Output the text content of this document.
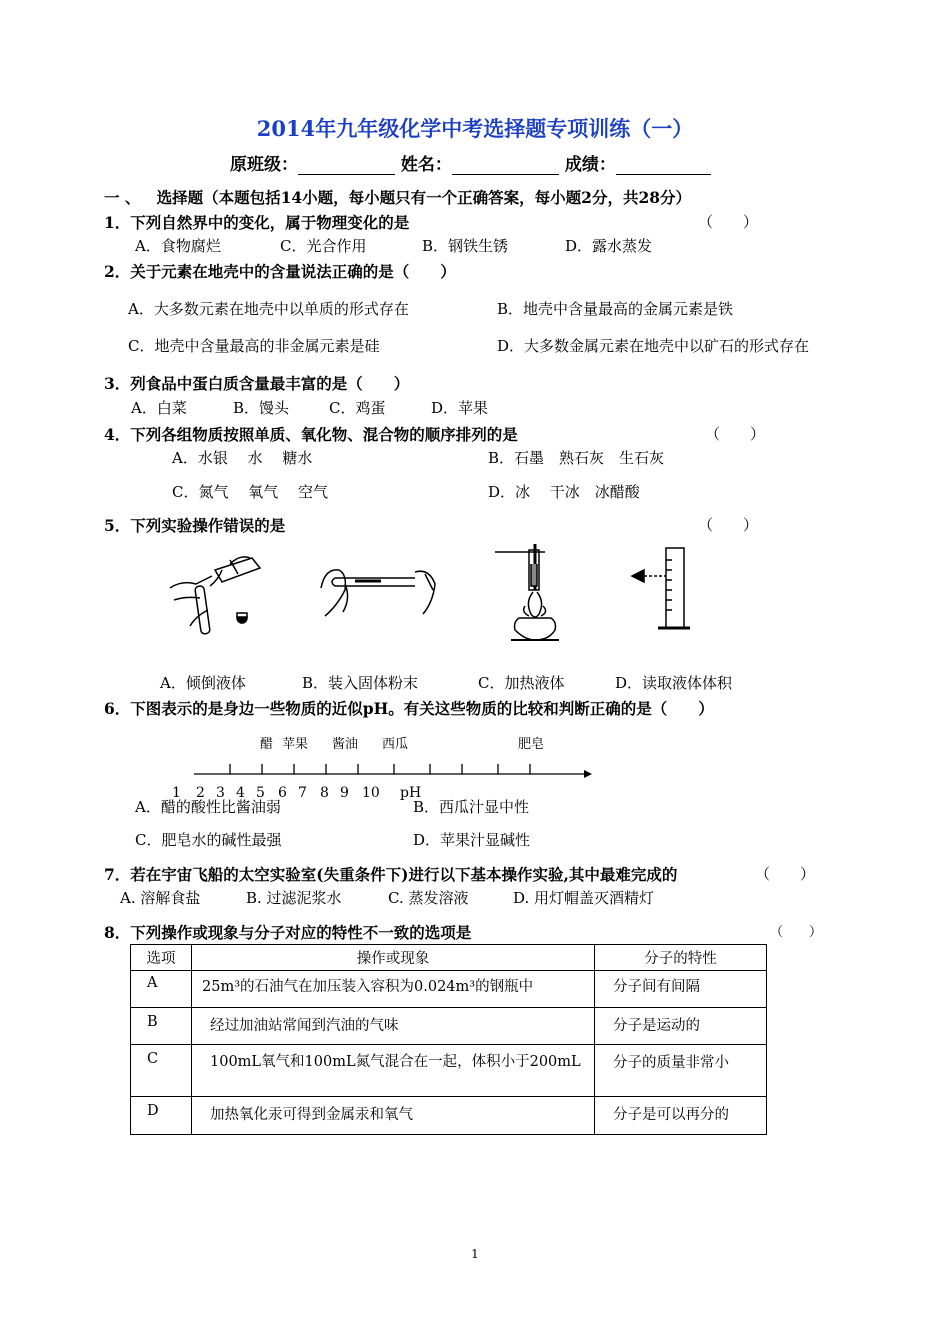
2014年九年级化学中考选择题专项训练（一）
原班级：	姓名：	成绩：
一 、 选择题（本题包括14小题，每小题只有一个正确答案，每小题2分，共28分）
1．下列自然界中的变化，属于物理变化的是	（　　）
A．食物腐烂	C．光合作用	B．钢铁生锈	D．露水蒸发
2．关于元素在地壳中的含量说法正确的是（　　）
A．大多数元素在地壳中以单质的形式存在	B．地壳中含量最高的金属元素是铁
C．地壳中含量最高的非金属元素是硅	D．大多数金属元素在地壳中以矿石的形式存在
3．列食品中蛋白质含量最丰富的是（　　）
A．白菜	B．馒头	C．鸡蛋	D．苹果
4．下列各组物质按照单质、氧化物、混合物的顺序排列的是	（　　）
A．水银　 水　 糖水	B．石墨　熟石灰　生石灰
C．氮气　 氧气　 空气	D．冰　 干冰　冰醋酸
5．下列实验操作错误的是	（　　）
A．倾倒液体	B．装入固体粉末	C．加热液体	D．读取液体体积
6．下图表示的是身边一些物质的近似pH。有关这些物质的比较和判断正确的是（　　）
醋 苹果 酱油 西瓜	肥皂
1 2 3 4 5 6 7 8 9 10 pH
A．醋的酸性比酱油弱	B．西瓜汁显中性
C．肥皂水的碱性最强	D．苹果汁显碱性
7．若在宇宙飞船的太空实验室(失重条件下)进行以下基本操作实验,其中最难完成的	（　　）
A. 溶解食盐	B. 过滤泥浆水	C. 蒸发溶液	D. 用灯帽盖灭酒精灯
8．下列操作或现象与分子对应的特性不一致的选项是	（　　）
选项	操作或现象	分子的特性
A	25m³的石油气在加压装入容积为0.024m³的钢瓶中	分子间有间隔
B	经过加油站常闻到汽油的气味	分子是运动的
C	100mL氧气和100mL氮气混合在一起，体积小于200mL	分子的质量非常小
D	加热氧化汞可得到金属汞和氧气	分子是可以再分的
1
